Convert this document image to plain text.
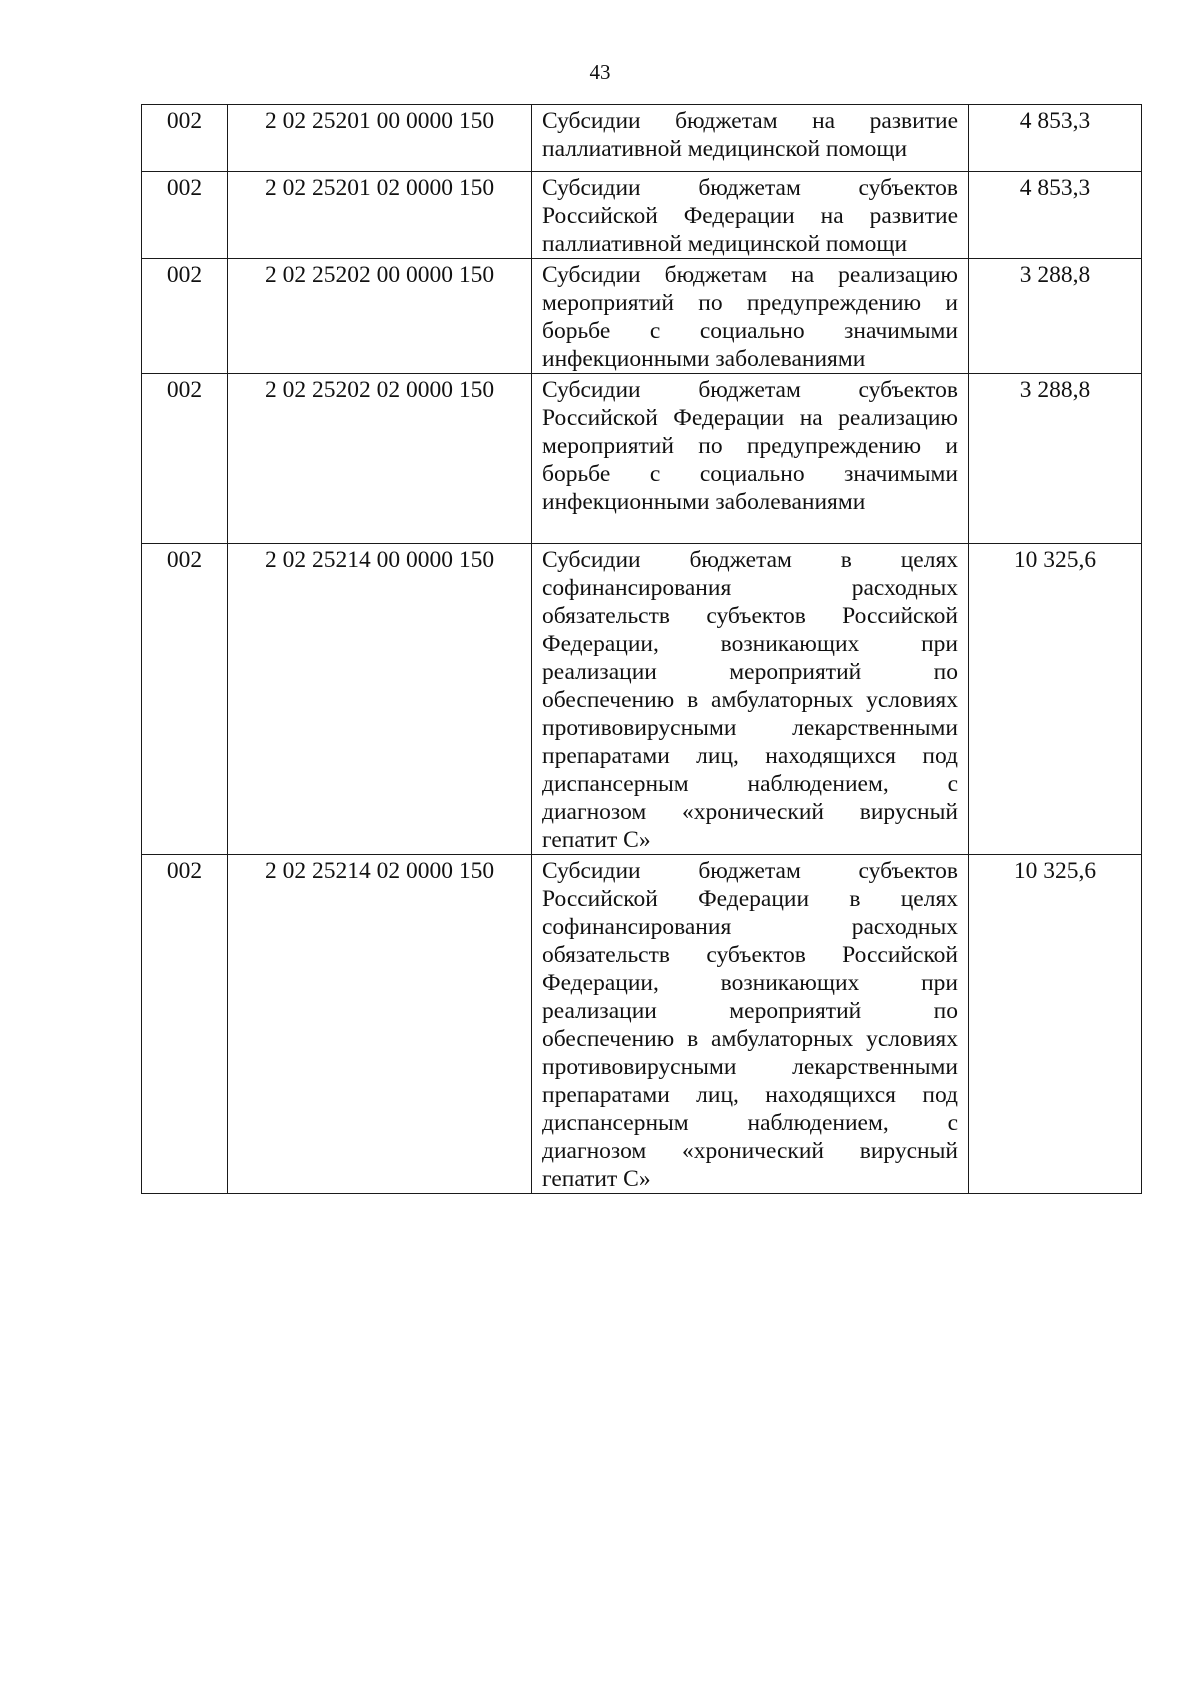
43
002	2 02 25201 00 0000 150	Субсидии бюджетам на развитие паллиативной медицинской помощи	4 853,3
002	2 02 25201 02 0000 150	Субсидии бюджетам субъектов Российской Федерации на развитие паллиативной медицинской помощи	4 853,3
002	2 02 25202 00 0000 150	Субсидии бюджетам на реализацию мероприятий по предупреждению и борьбе с социально значимыми инфекционными заболеваниями	3 288,8
002	2 02 25202 02 0000 150	Субсидии бюджетам субъектов Российской Федерации на реализацию мероприятий по предупреждению и борьбе с социально значимыми инфекционными заболеваниями	3 288,8
002	2 02 25214 00 0000 150	Субсидии бюджетам в целях софинансирования расходных обязательств субъектов Российской Федерации, возникающих при реализации мероприятий по обеспечению в амбулаторных условиях противовирусными лекарственными препаратами лиц, находящихся под диспансерным наблюдением, с диагнозом «хронический вирусный гепатит С»	10 325,6
002	2 02 25214 02 0000 150	Субсидии бюджетам субъектов Российской Федерации в целях софинансирования расходных обязательств субъектов Российской Федерации, возникающих при реализации мероприятий по обеспечению в амбулаторных условиях противовирусными лекарственными препаратами лиц, находящихся под диспансерным наблюдением, с диагнозом «хронический вирусный гепатит С»	10 325,6
